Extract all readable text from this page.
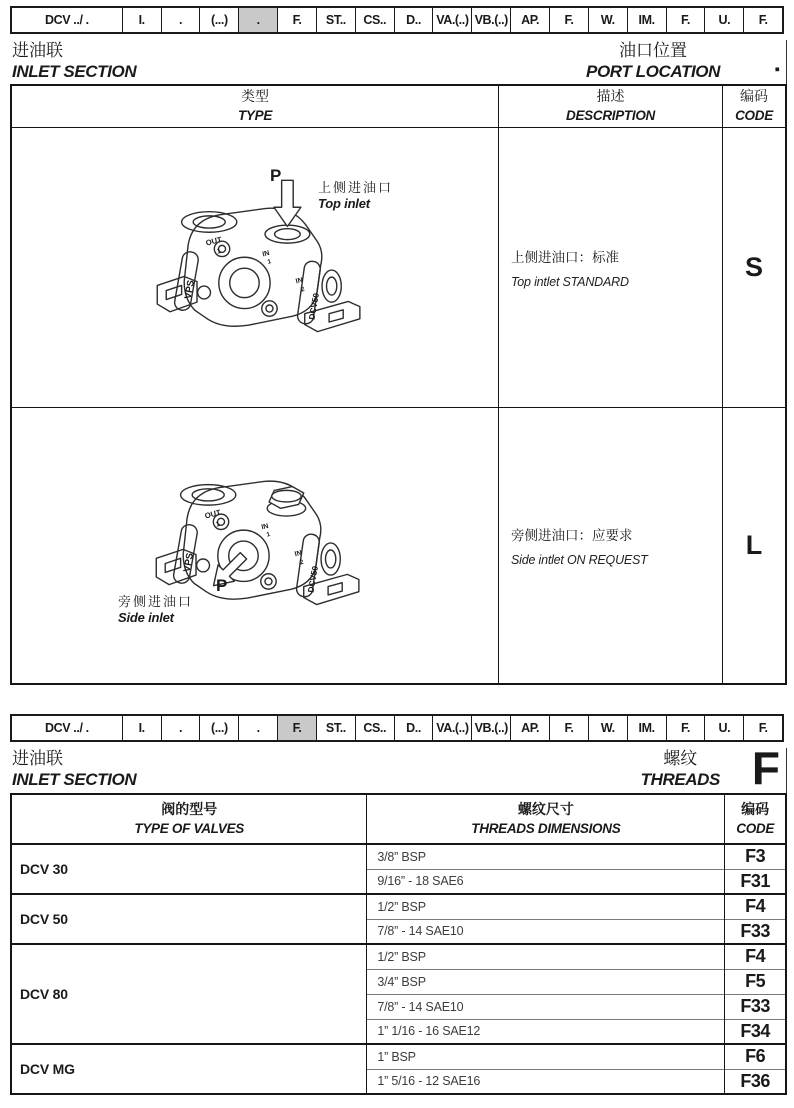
DCV ../ .	I.	.	(...)	.	F.	ST..	CS..	D..	VA.(..) VB.(..)	AP.	F.	W.	IM.	F.	U.	F.
进油联
INLET SECTION
油口位置
PORT LOCATION	▪
类型
TYPE
描述
DESCRIPTION
编码
CODE
OUT
1	IN
1
IN
2
VPS
DCV50
P
上侧进油口
Top inlet
上侧进油口：标准
Top intlet STANDARD	S
OUT
1	IN
1
IN
2
VPS
DCV50
P
旁侧进油口
Side inlet
旁侧进油口：应要求
Side intlet ON REQUEST	L
DCV ../ .	I.	.	(...)	.	F.	ST..	CS..	D..	VA.(..) VB.(..)	AP.	F.	W.	IM.	F.	U.	F.
进油联
INLET SECTION
螺纹
THREADS F
阀的型号
TYPE OF VALVES

螺纹尺寸
THREADS DIMENSIONS

编码
CODE

DCV 30	3/8” BSP	F3
	9/16” - 18 SAE6	F31
DCV 50	1/2” BSP	F4
	7/8” - 14 SAE10	F33
DCV 80	1/2” BSP	F4
	3/4” BSP	F5
	7/8” - 14 SAE10	F33
	1” 1/16 - 16 SAE12	F34
DCV MG	1” BSP	F6
	1” 5/16 - 12 SAE16	F36
